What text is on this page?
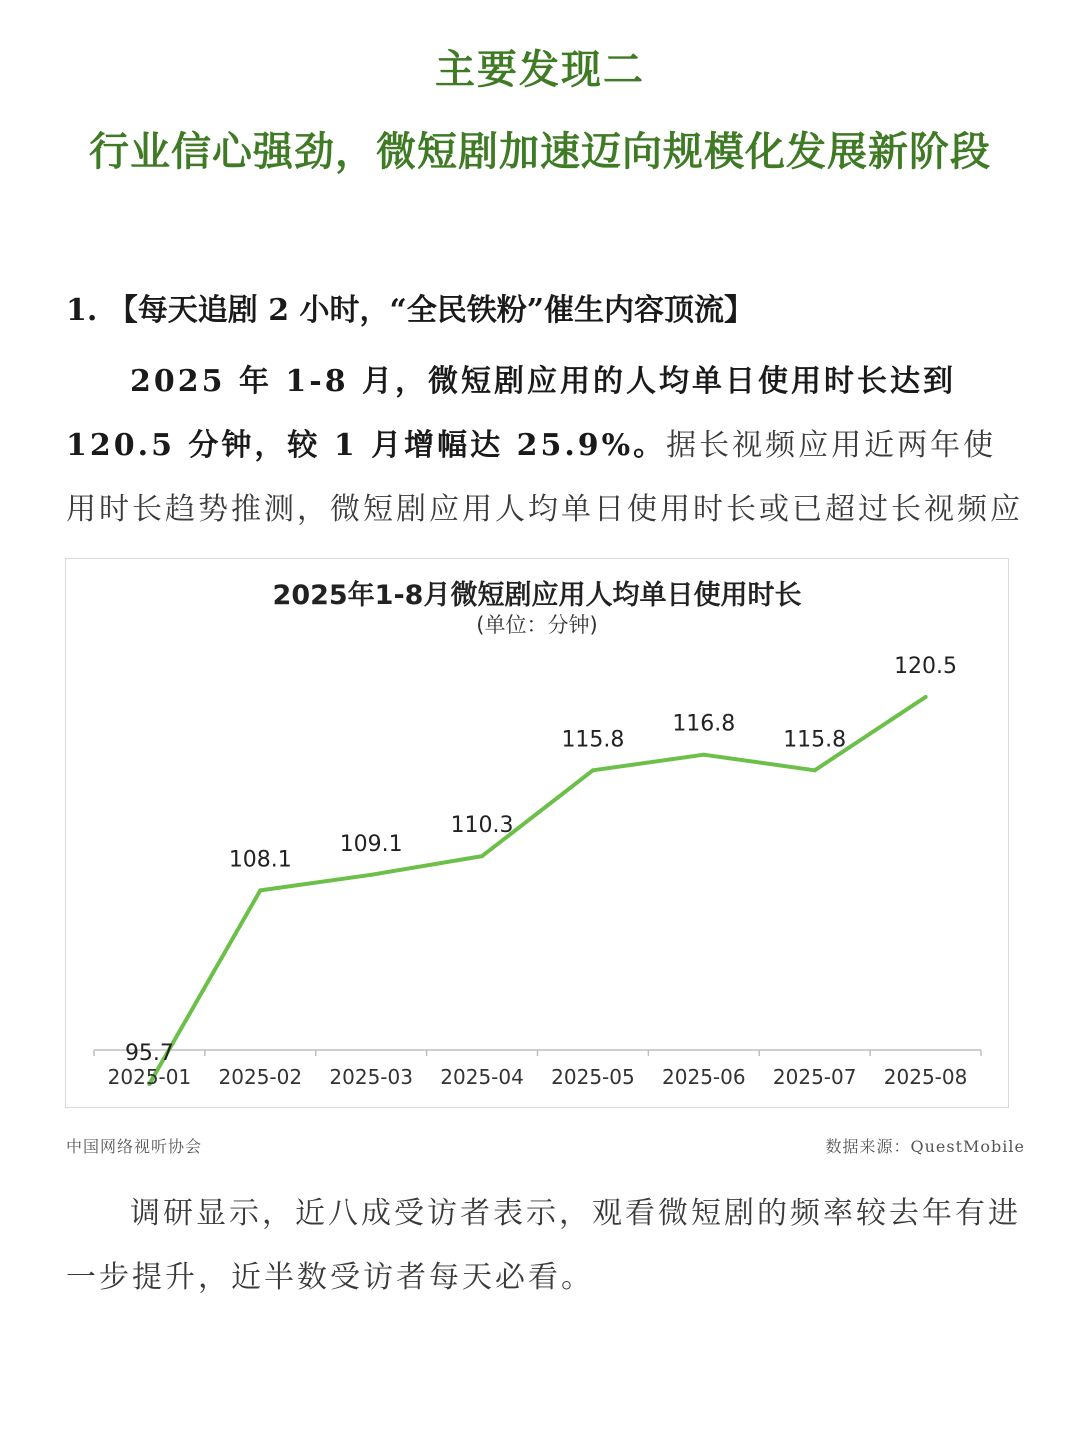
主要发现二
行业信心强劲，微短剧加速迈向规模化发展新阶段
1. 【每天追剧 2 小时，“全民铁粉”催生内容顶流】
2025 年 1-8 月，微短剧应用的人均单日使用时长达到 120.5 分钟，较 1 月增幅达 25.9%。据长视频应用近两年使用时长趋势推测，微短剧应用人均单日使用时长或已超过长视频应
95.7
108.1
109.1
110.3
115.8
116.8
115.8
120.5
2025-01 2025-02 2025-03 2025-04 2025-05 2025-06 2025-07 2025-08
2025年1-8月微短剧应用人均单日使用时长
(单位：分钟)
中国网络视听协会	数据来源：QuestMobile
调研显示，近八成受访者表示，观看微短剧的频率较去年有进一步提升，近半数受访者每天必看。
